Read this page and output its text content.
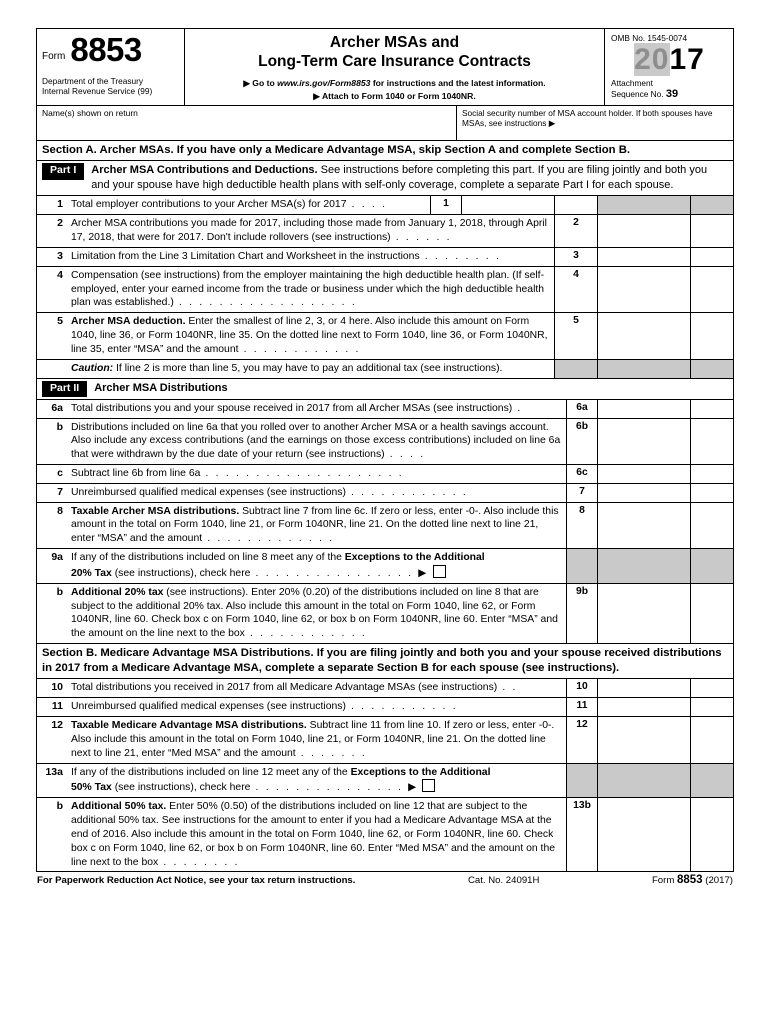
Form 8853
Department of the Treasury
Internal Revenue Service (99)
Archer MSAs and
Long-Term Care Insurance Contracts
▶ Go to www.irs.gov/Form8853 for instructions and the latest information.
▶ Attach to Form 1040 or Form 1040NR.
OMB No. 1545-0074
2017
Attachment
Sequence No. 39
Name(s) shown on return	Social security number of MSA account holder. If both spouses have MSAs, see instructions ▶
Section A. Archer MSAs. If you have only a Medicare Advantage MSA, skip Section A and complete Section B.
Part I	Archer MSA Contributions and Deductions. See instructions before completing this part. If you are filing jointly and both you and your spouse have high deductible health plans with self-only coverage, complete a separate Part I for each spouse.
1	Total employer contributions to your Archer MSA(s) for 2017 . . . .	1				
2	Archer MSA contributions you made for 2017, including those made from January 1, 2018, through April 17, 2018, that were for 2017. Don't include rollovers (see instructions) . . . . . .			2		
3	Limitation from the Line 3 Limitation Chart and Worksheet in the instructions . . . . . . . .			3		
4	Compensation (see instructions) from the employer maintaining the high deductible health plan. (If self-employed, enter your earned income from the trade or business under which the high deductible health plan was established.) . . . . . . . . . . . . . . . . . .			4		
5	Archer MSA deduction. Enter the smallest of line 2, 3, or 4 here. Also include this amount on Form 1040, line 36, or Form 1040NR, line 35. On the dotted line next to Form 1040, line 36, or Form 1040NR, line 35, enter “MSA” and the amount . . . . . . . . . . . .			5		
	Caution: If line 2 is more than line 5, you may have to pay an additional tax (see instructions).					
Part II	Archer MSA Distributions
6a	Total distributions you and your spouse received in 2017 from all Archer MSAs (see instructions) .	6a		
b	Distributions included on line 6a that you rolled over to another Archer MSA or a health savings account. Also include any excess contributions (and the earnings on those excess contributions) included on line 6a that were withdrawn by the due date of your return (see instructions) . . . .	6b		
c	Subtract line 6b from line 6a . . . . . . . . . . . . . . . . . . . .	6c		
7	Unreimbursed qualified medical expenses (see instructions) . . . . . . . . . . . .	7		
8	Taxable Archer MSA distributions. Subtract line 7 from line 6c. If zero or less, enter -0-. Also include this amount in the total on Form 1040, line 21, or Form 1040NR, line 21. On the dotted line next to line 21, enter “MSA” and the amount . . . . . . . . . . . . .	8		
9a	If any of the distributions included on line 8 meet any of the Exceptions to the Additional
20% Tax (see instructions), check here . . . . . . . . . . . . . . . . ▶			
b	Additional 20% tax (see instructions). Enter 20% (0.20) of the distributions included on line 8 that are subject to the additional 20% tax. Also include this amount in the total on Form 1040, line 62, or Form 1040NR, line 60. Check box c on Form 1040, line 62, or box b on Form 1040NR, line 60. Enter “MSA” and the amount on the line next to the box . . . . . . . . . . . .	9b		
Section B. Medicare Advantage MSA Distributions. If you are filing jointly and both you and your spouse received distributions in 2017 from a Medicare Advantage MSA, complete a separate Section B for each spouse (see instructions).
10	Total distributions you received in 2017 from all Medicare Advantage MSAs (see instructions) . .	10		
11	Unreimbursed qualified medical expenses (see instructions) . . . . . . . . . . .	11		
12	Taxable Medicare Advantage MSA distributions. Subtract line 11 from line 10. If zero or less, enter -0-. Also include this amount in the total on Form 1040, line 21, or Form 1040NR, line 21. On the dotted line next to line 21, enter “Med MSA” and the amount . . . . . . .	12		
13a	If any of the distributions included on line 12 meet any of the Exceptions to the Additional
50% Tax (see instructions), check here . . . . . . . . . . . . . . . ▶			
b	Additional 50% tax. Enter 50% (0.50) of the distributions included on line 12 that are subject to the additional 50% tax. See instructions for the amount to enter if you had a Medicare Advantage MSA at the end of 2016. Also include this amount in the total on Form 1040, line 62, or Form 1040NR, line 60. Check box c on Form 1040, line 62, or box b on Form 1040NR, line 60. Enter “Med MSA” and the amount on the line next to the box . . . . . . . .	13b		
For Paperwork Reduction Act Notice, see your tax return instructions.	Cat. No. 24091H	Form 8853 (2017)
